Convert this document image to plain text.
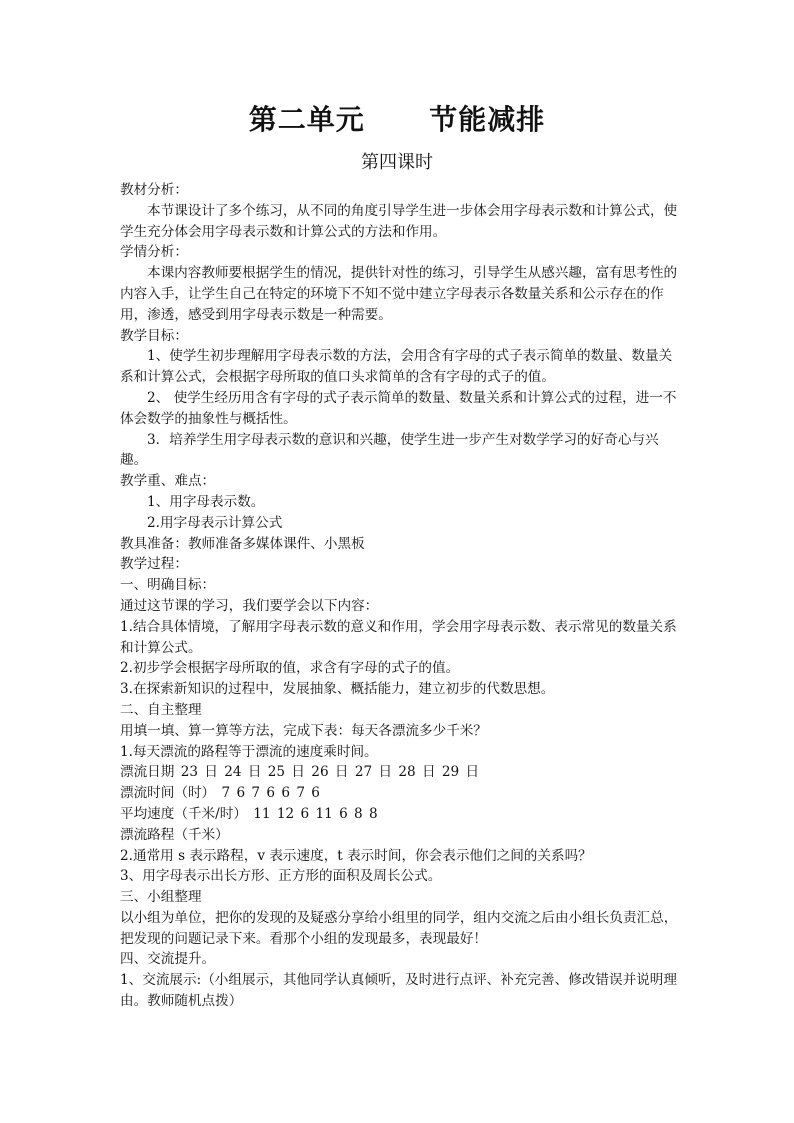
第二单元      节能减排
第四课时

教材分析：

本节课设计了多个练习，从不同的角度引导学生进一步体会用字母表示数和计算公式，使学生充分体会用字母表示数和计算公式的方法和作用。

学情分析：

本课内容教师要根据学生的情况，提供针对性的练习，引导学生从感兴趣，富有思考性的内容入手，让学生自己在特定的环境下不知不觉中建立字母表示各数量关系和公示存在的作用，渗透，感受到用字母表示数是一种需要。

教学目标：

1、使学生初步理解用字母表示数的方法，会用含有字母的式子表示简单的数量、数量关系和计算公式，会根据字母所取的值口头求简单的含有字母的式子的值。

2、 使学生经历用含有字母的式子表示简单的数量、数量关系和计算公式的过程，进一不体会数学的抽象性与概括性。

3．培养学生用字母表示数的意识和兴趣，使学生进一步产生对数学学习的好奇心与兴趣。

教学重、难点：

1、用字母表示数。

2.用字母表示计算公式

教具准备：教师准备多媒体课件、小黑板

教学过程：

一、明确目标：

通过这节课的学习，我们要学会以下内容：

1.结合具体情境，了解用字母表示数的意义和作用，学会用字母表示数、表示常见的数量关系和计算公式。

2.初步学会根据字母所取的值，求含有字母的式子的值。

3.在探索新知识的过程中，发展抽象、概括能力，建立初步的代数思想。

二、自主整理

用填一填、算一算等方法，完成下表：每天各漂流多少千米？

1.每天漂流的路程等于漂流的速度乘时间。

漂流日期 23 日 24 日 25 日 26 日 27 日 28 日 29 日

漂流时间（时） 7 6 7 6 6 7 6

平均速度（千米/时） 11 12 6 11 6 8 8

漂流路程（千米）

2.通常用 s 表示路程，v 表示速度，t 表示时间，你会表示他们之间的关系吗？

3、用字母表示出长方形、正方形的面积及周长公式。

三、小组整理

以小组为单位，把你的发现的及疑惑分享给小组里的同学，组内交流之后由小组长负责汇总，把发现的问题记录下来。看那个小组的发现最多，表现最好！

四、交流提升。

1、交流展示:（小组展示，其他同学认真倾听，及时进行点评、补充完善、修改错误并说明理由。教师随机点拨）
